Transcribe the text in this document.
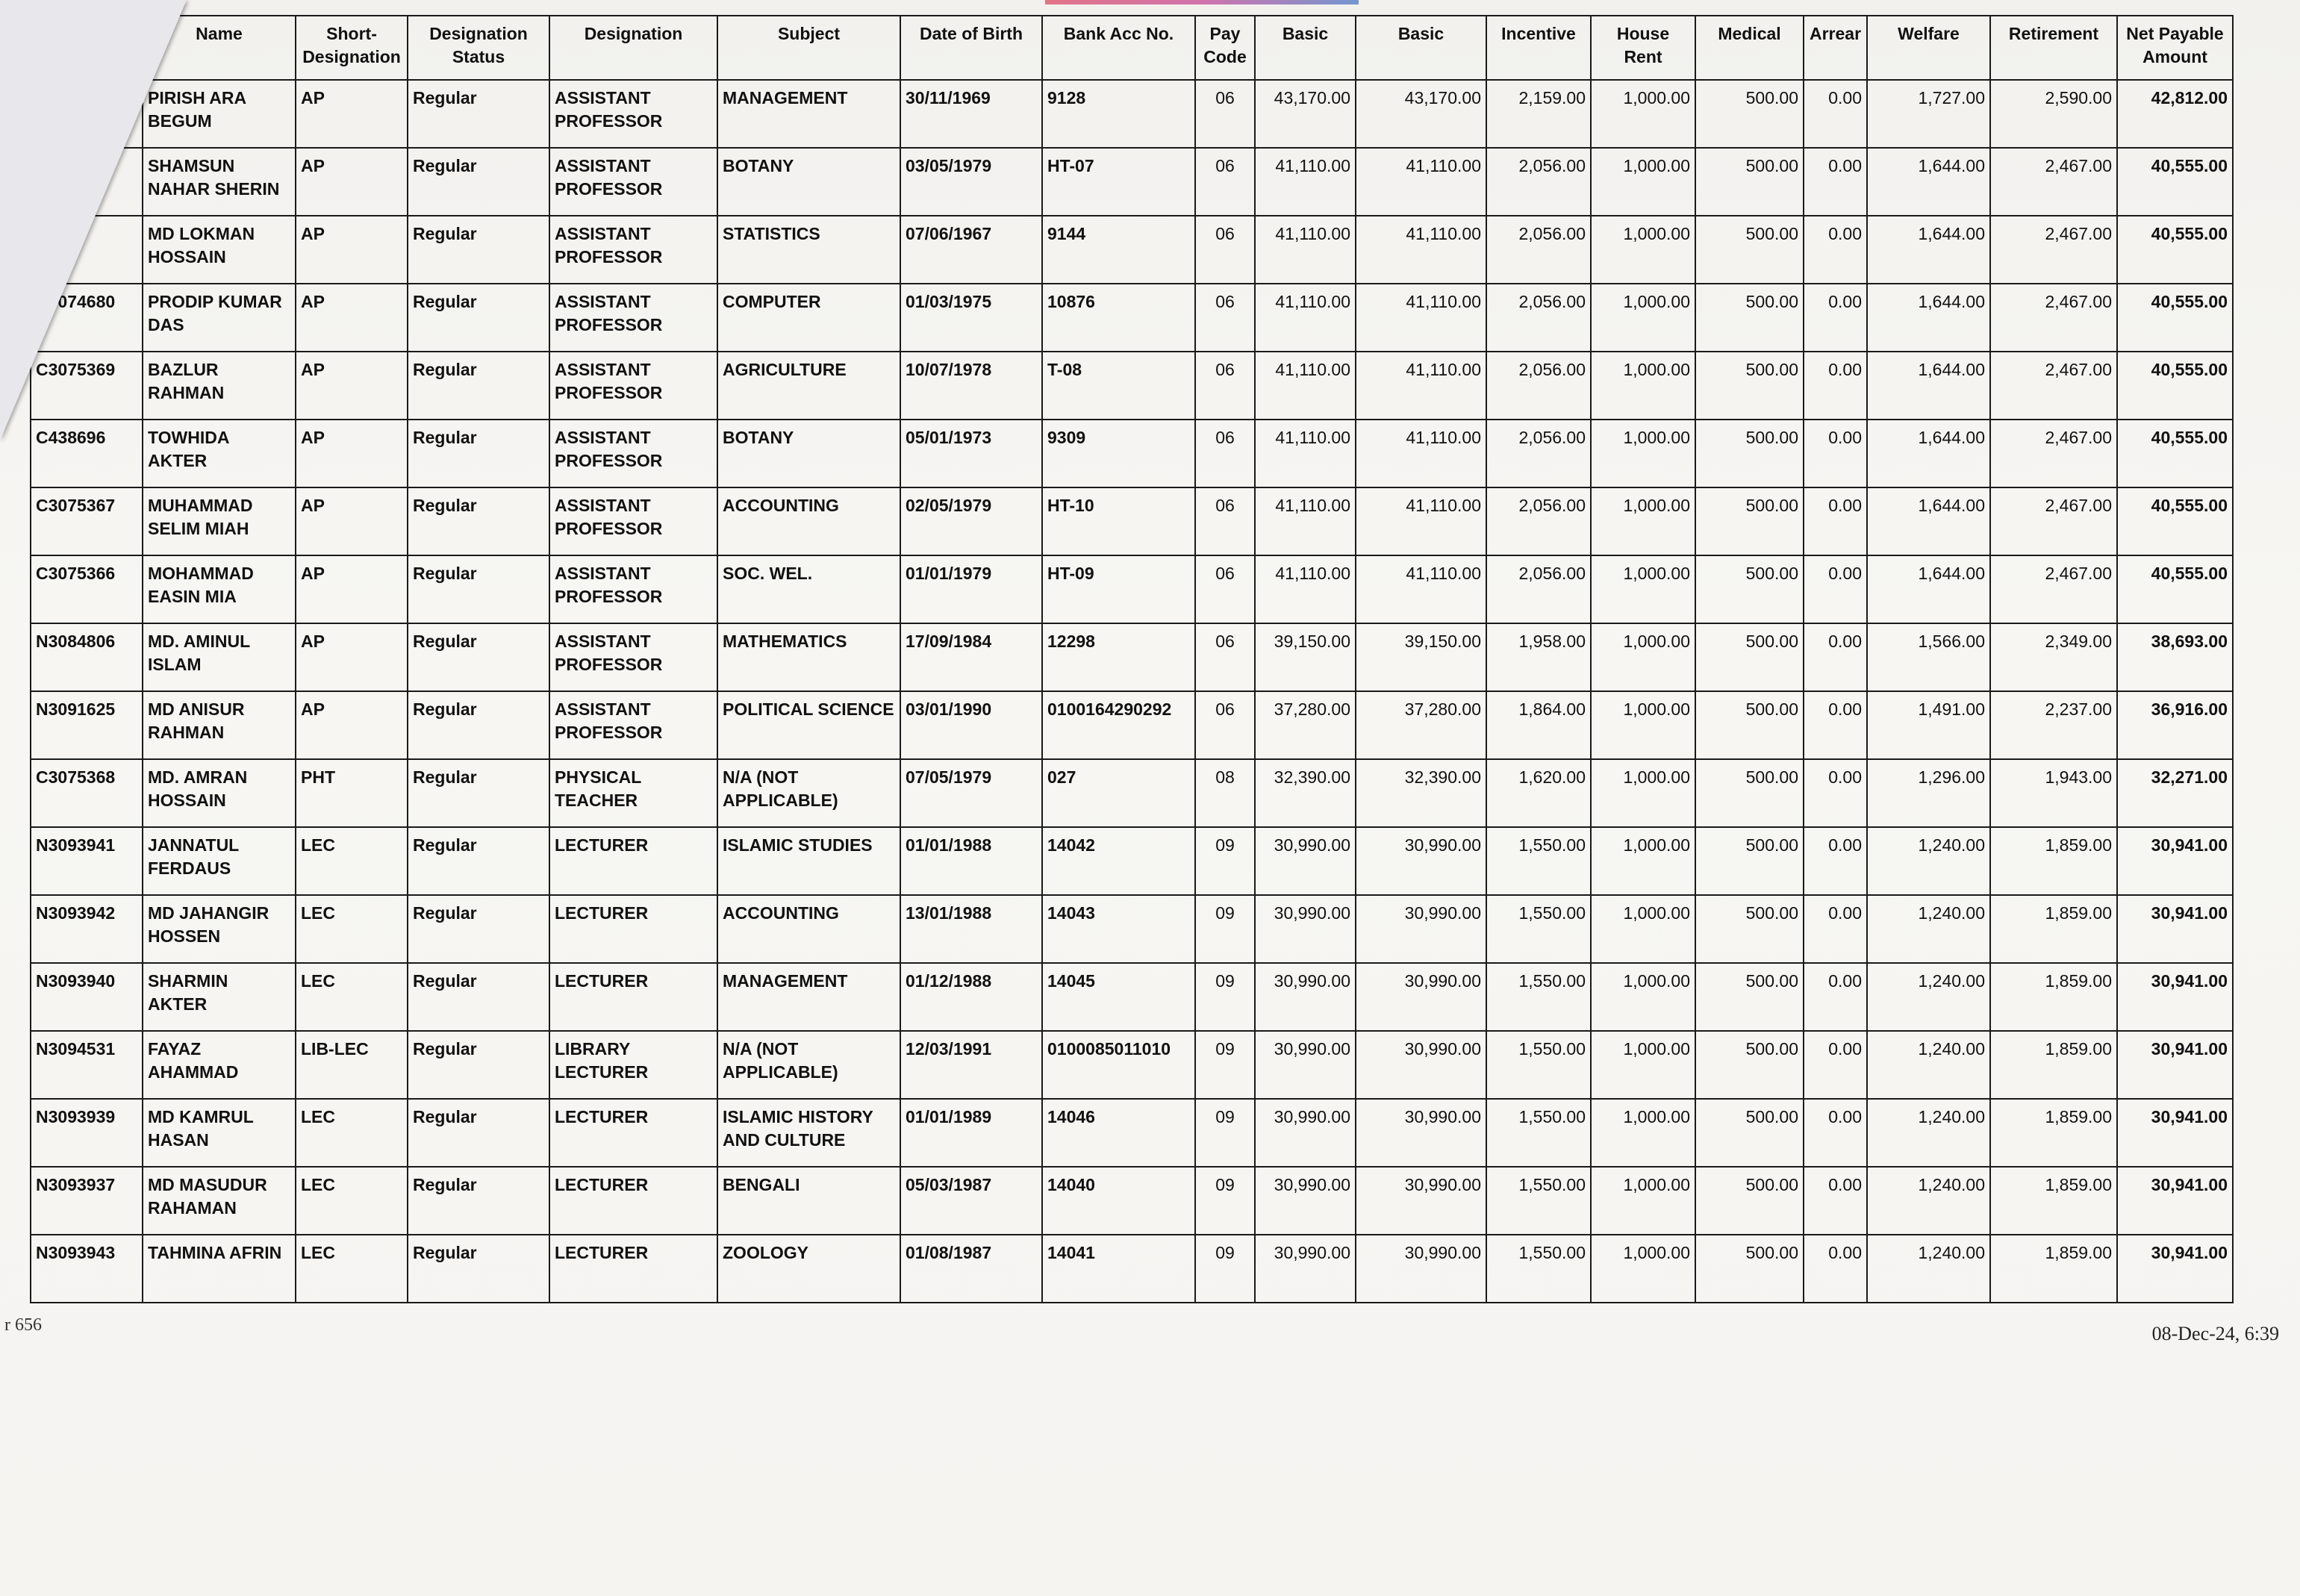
Emp. ID	Name	Short-Designation	Designation Status	Designation	Subject	Date of Birth	Bank Acc No.	Pay Code	Basic	Basic	Incentive	House Rent	Medical	Arrear	Welfare	Retirement	Net Payable Amount
	PIRISH ARA BEGUM	AP	Regular	ASSISTANT PROFESSOR	MANAGEMENT	30/11/1969	9128	06	43,170.00	43,170.00	2,159.00	1,000.00	500.00	0.00	1,727.00	2,590.00	42,812.00
4	SHAMSUN NAHAR SHERIN	AP	Regular	ASSISTANT PROFESSOR	BOTANY	03/05/1979	HT-07	06	41,110.00	41,110.00	2,056.00	1,000.00	500.00	0.00	1,644.00	2,467.00	40,555.00
36166	MD LOKMAN HOSSAIN	AP	Regular	ASSISTANT PROFESSOR	STATISTICS	07/06/1967	9144	06	41,110.00	41,110.00	2,056.00	1,000.00	500.00	0.00	1,644.00	2,467.00	40,555.00
C3074680	PRODIP KUMAR DAS	AP	Regular	ASSISTANT PROFESSOR	COMPUTER	01/03/1975	10876	06	41,110.00	41,110.00	2,056.00	1,000.00	500.00	0.00	1,644.00	2,467.00	40,555.00
C3075369	BAZLUR RAHMAN	AP	Regular	ASSISTANT PROFESSOR	AGRICULTURE	10/07/1978	T-08	06	41,110.00	41,110.00	2,056.00	1,000.00	500.00	0.00	1,644.00	2,467.00	40,555.00
C438696	TOWHIDA AKTER	AP	Regular	ASSISTANT PROFESSOR	BOTANY	05/01/1973	9309	06	41,110.00	41,110.00	2,056.00	1,000.00	500.00	0.00	1,644.00	2,467.00	40,555.00
C3075367	MUHAMMAD SELIM MIAH	AP	Regular	ASSISTANT PROFESSOR	ACCOUNTING	02/05/1979	HT-10	06	41,110.00	41,110.00	2,056.00	1,000.00	500.00	0.00	1,644.00	2,467.00	40,555.00
C3075366	MOHAMMAD EASIN MIA	AP	Regular	ASSISTANT PROFESSOR	SOC. WEL.	01/01/1979	HT-09	06	41,110.00	41,110.00	2,056.00	1,000.00	500.00	0.00	1,644.00	2,467.00	40,555.00
N3084806	MD. AMINUL ISLAM	AP	Regular	ASSISTANT PROFESSOR	MATHEMATICS	17/09/1984	12298	06	39,150.00	39,150.00	1,958.00	1,000.00	500.00	0.00	1,566.00	2,349.00	38,693.00
N3091625	MD ANISUR RAHMAN	AP	Regular	ASSISTANT PROFESSOR	POLITICAL SCIENCE	03/01/1990	0100164290292	06	37,280.00	37,280.00	1,864.00	1,000.00	500.00	0.00	1,491.00	2,237.00	36,916.00
C3075368	MD. AMRAN HOSSAIN	PHT	Regular	PHYSICAL TEACHER	N/A (NOT APPLICABLE)	07/05/1979	027	08	32,390.00	32,390.00	1,620.00	1,000.00	500.00	0.00	1,296.00	1,943.00	32,271.00
N3093941	JANNATUL FERDAUS	LEC	Regular	LECTURER	ISLAMIC STUDIES	01/01/1988	14042	09	30,990.00	30,990.00	1,550.00	1,000.00	500.00	0.00	1,240.00	1,859.00	30,941.00
N3093942	MD JAHANGIR HOSSEN	LEC	Regular	LECTURER	ACCOUNTING	13/01/1988	14043	09	30,990.00	30,990.00	1,550.00	1,000.00	500.00	0.00	1,240.00	1,859.00	30,941.00
N3093940	SHARMIN AKTER	LEC	Regular	LECTURER	MANAGEMENT	01/12/1988	14045	09	30,990.00	30,990.00	1,550.00	1,000.00	500.00	0.00	1,240.00	1,859.00	30,941.00
N3094531	FAYAZ AHAMMAD	LIB-LEC	Regular	LIBRARY LECTURER	N/A (NOT APPLICABLE)	12/03/1991	0100085011010	09	30,990.00	30,990.00	1,550.00	1,000.00	500.00	0.00	1,240.00	1,859.00	30,941.00
N3093939	MD KAMRUL HASAN	LEC	Regular	LECTURER	ISLAMIC HISTORY AND CULTURE	01/01/1989	14046	09	30,990.00	30,990.00	1,550.00	1,000.00	500.00	0.00	1,240.00	1,859.00	30,941.00
N3093937	MD MASUDUR RAHAMAN	LEC	Regular	LECTURER	BENGALI	05/03/1987	14040	09	30,990.00	30,990.00	1,550.00	1,000.00	500.00	0.00	1,240.00	1,859.00	30,941.00
N3093943	TAHMINA AFRIN	LEC	Regular	LECTURER	ZOOLOGY	01/08/1987	14041	09	30,990.00	30,990.00	1,550.00	1,000.00	500.00	0.00	1,240.00	1,859.00	30,941.00
r 656	08-Dec-24, 6:39
